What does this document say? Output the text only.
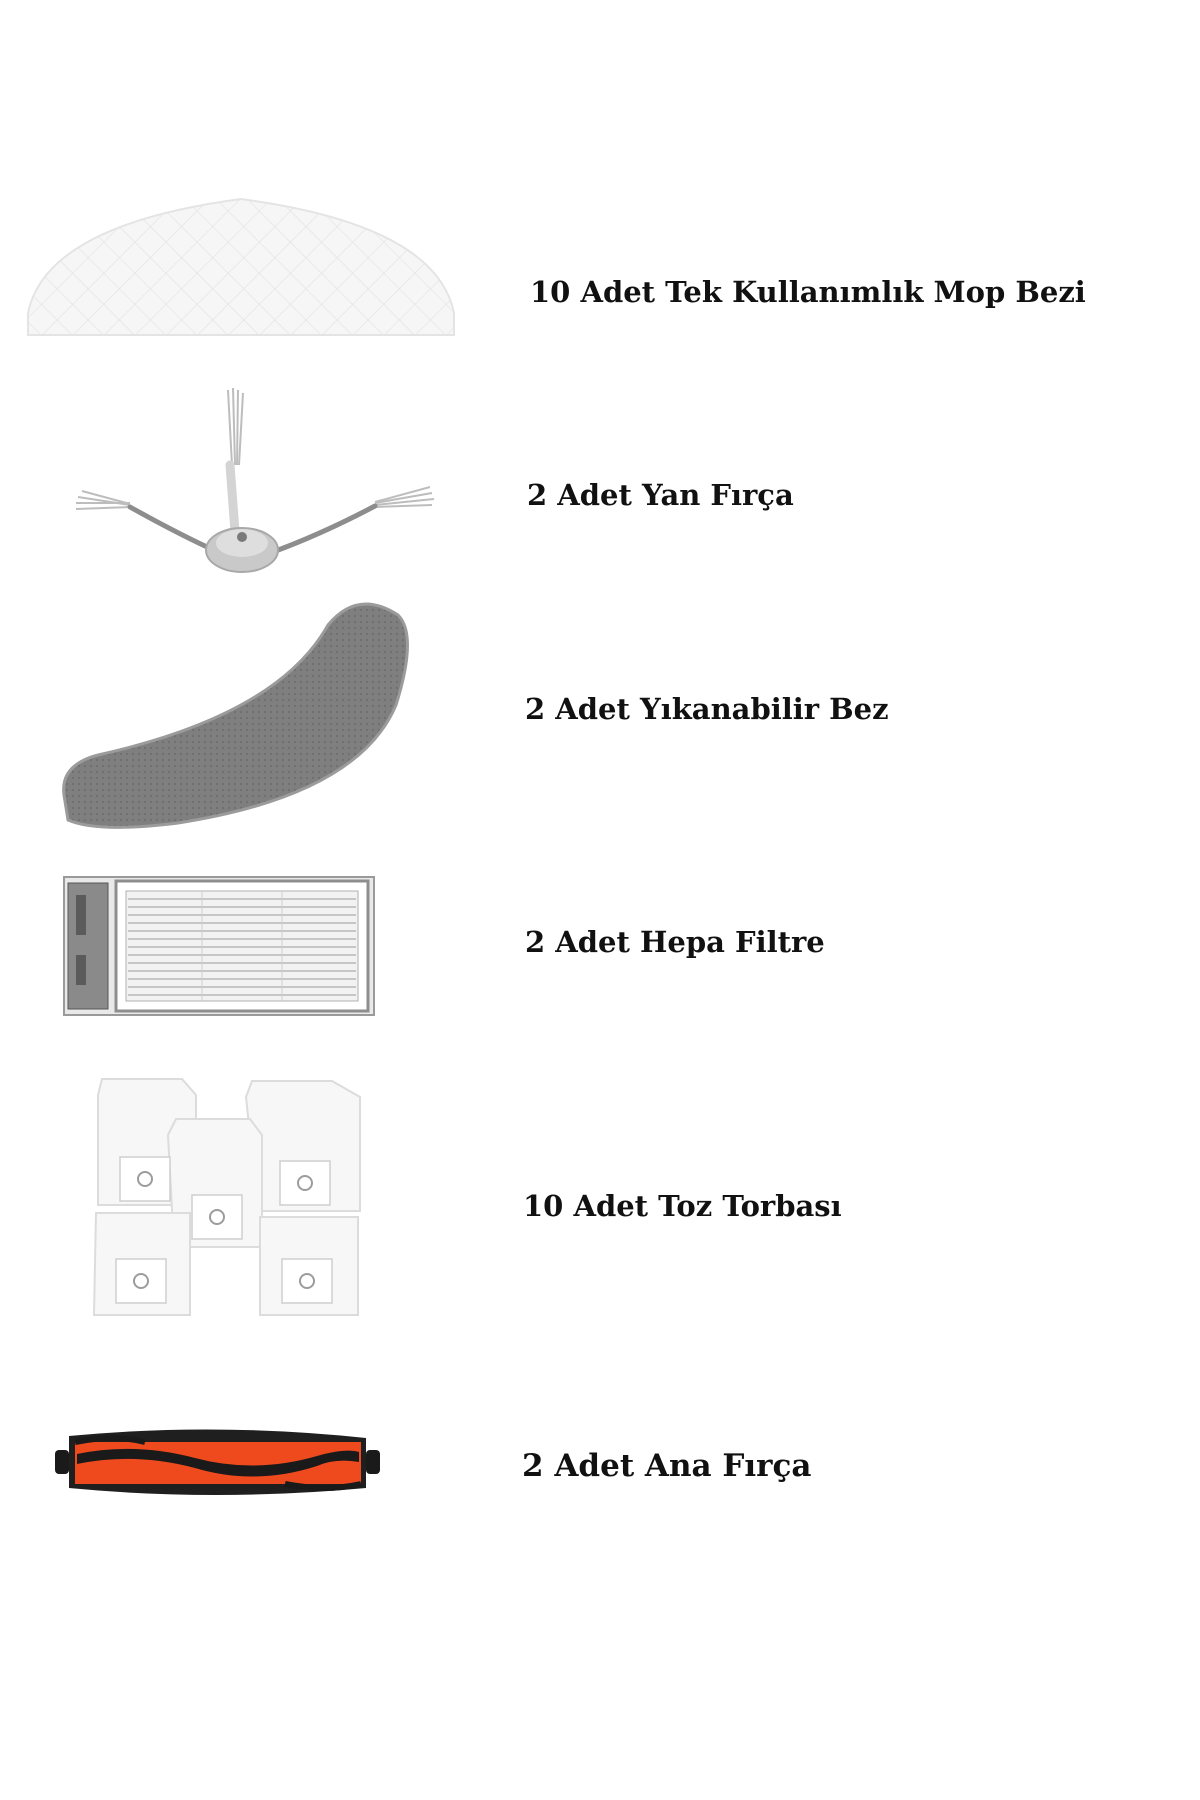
10 Adet Tek Kullanımlık Mop Bezi
2 Adet Yan Fırça
2 Adet Yıkanabilir Bez
2 Adet Hepa Filtre
10 Adet Toz Torbası
2 Adet Ana Fırça
